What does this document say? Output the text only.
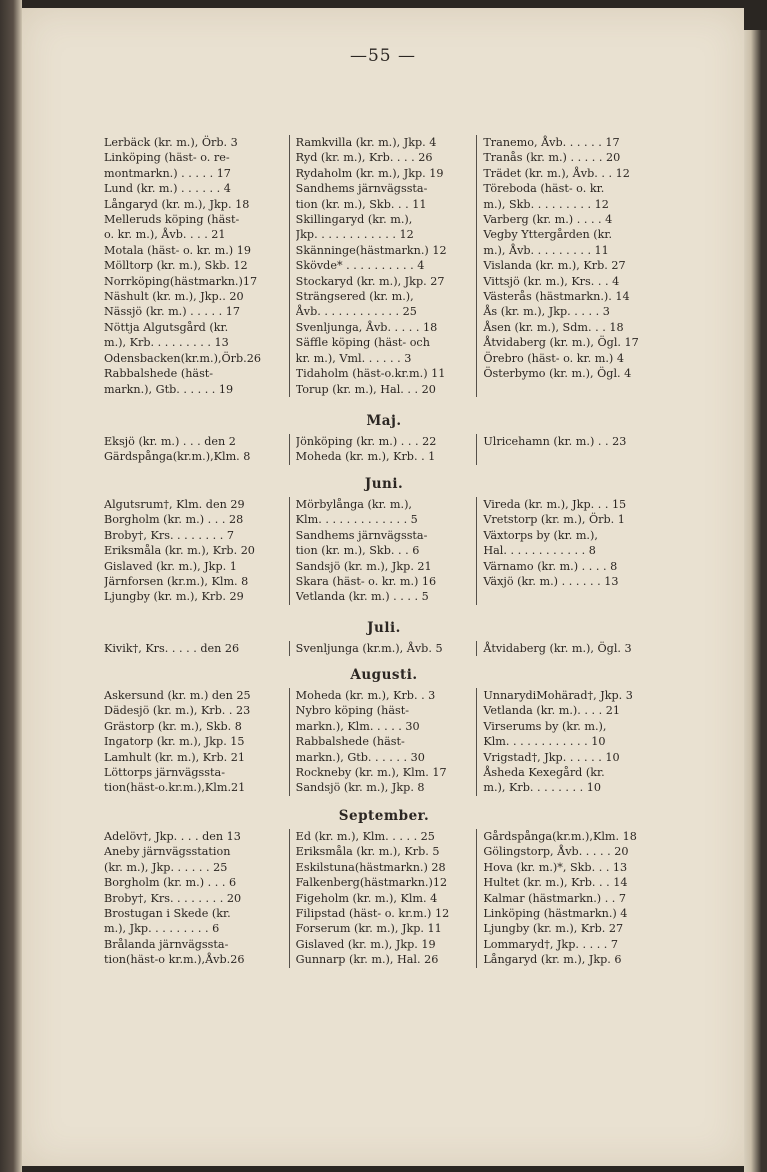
—55 —
Lerbäck (kr. m.), Örb. 3
Linköping (häst- o. re-
montmarkn.) . . . . . 17
Lund (kr. m.) . . . . . . 4
Långaryd (kr. m.), Jkp. 18
Melleruds köping (häst-
o. kr. m.), Åvb. . . . 21
Motala (häst- o. kr. m.) 19
Mölltorp (kr. m.), Skb. 12
Norrköping(hästmarkn.)17
Näshult (kr. m.), Jkp.. 20
Nässjö (kr. m.) . . . . . 17
Nöttja Algutsgård (kr.
m.), Krb. . . . . . . . . 13
Odensbacken(kr.m.),Örb.26
Rabbalshede (häst-
markn.), Gtb. . . . . . 19
Ramkvilla (kr. m.), Jkp. 4
Ryd (kr. m.), Krb. . . . 26
Rydaholm (kr. m.), Jkp. 19
Sandhems järnvägssta-
tion (kr. m.), Skb. . . 11
Skillingaryd (kr. m.),
Jkp. . . . . . . . . . . . 12
Skänninge(hästmarkn.) 12
Skövde* . . . . . . . . . . 4
Stockaryd (kr. m.), Jkp. 27
Strängsered (kr. m.),
Åvb. . . . . . . . . . . . 25
Svenljunga, Åvb. . . . . 18
Säffle köping (häst- och
kr. m.), Vml. . . . . . 3
Tidaholm (häst-o.kr.m.) 11
Torup (kr. m.), Hal. . . 20
Tranemo, Åvb. . . . . . 17
Tranås (kr. m.) . . . . . 20
Trädet (kr. m.), Åvb. . . 12
Töreboda (häst- o. kr.
m.), Skb. . . . . . . . . 12
Varberg (kr. m.) . . . . 4
Vegby Yttergården (kr.
m.), Åvb. . . . . . . . . 11
Vislanda (kr. m.), Krb. 27
Vittsjö (kr. m.), Krs. . . 4
Västerås (hästmarkn.). 14
Ås (kr. m.), Jkp. . . . . 3
Åsen (kr. m.), Sdm. . . 18
Åtvidaberg (kr. m.), Ögl. 17
Örebro (häst- o. kr. m.) 4
Österbymo (kr. m.), Ögl. 4
Maj.
Eksjö (kr. m.) . . . den 2
Gärdspånga(kr.m.),Klm. 8
Jönköping (kr. m.) . . . 22
Moheda (kr. m.), Krb. . 1
Ulricehamn (kr. m.) . . 23
Juni.
Algutsrum†, Klm. den 29
Borgholm (kr. m.) . . . 28
Broby†, Krs. . . . . . . . 7
Eriksmåla (kr. m.), Krb. 20
Gislaved (kr. m.), Jkp. 1
Järnforsen (kr.m.), Klm. 8
Ljungby (kr. m.), Krb. 29
Mörbylånga (kr. m.),
Klm. . . . . . . . . . . . . 5
Sandhems järnvägssta-
tion (kr. m.), Skb. . . 6
Sandsjö (kr. m.), Jkp. 21
Skara (häst- o. kr. m.) 16
Vetlanda (kr. m.) . . . . 5
Vireda (kr. m.), Jkp. . . 15
Vretstorp (kr. m.), Örb. 1
Växtorps by (kr. m.),
Hal. . . . . . . . . . . . 8
Värnamo (kr. m.) . . . . 8
Växjö (kr. m.) . . . . . . 13
Juli.
Kivik†, Krs. . . . . den 26	Svenljunga (kr.m.), Åvb. 5	Åtvidaberg (kr. m.), Ögl. 3
Augusti.
Askersund (kr. m.) den 25
Dädesjö (kr. m.), Krb. . 23
Grästorp (kr. m.), Skb. 8
Ingatorp (kr. m.), Jkp. 15
Lamhult (kr. m.), Krb. 21
Löttorps järnvägssta-
tion(häst-o.kr.m.),Klm.21
Moheda (kr. m.), Krb. . 3
Nybro köping (häst-
markn.), Klm. . . . . 30
Rabbalshede (häst-
markn.), Gtb. . . . . . 30
Rockneby (kr. m.), Klm. 17
Sandsjö (kr. m.), Jkp. 8
UnnarydiMohärad†, Jkp. 3
Vetlanda (kr. m.). . . . 21
Virserums by (kr. m.),
Klm. . . . . . . . . . . . 10
Vrigstad†, Jkp. . . . . . 10
Åsheda Kexegård (kr.
m.), Krb. . . . . . . . 10
September.
Adelöv†, Jkp. . . . den 13
Aneby järnvägsstation
(kr. m.), Jkp. . . . . . 25
Borgholm (kr. m.) . . . 6
Broby†, Krs. . . . . . . . 20
Brostugan i Skede (kr.
m.), Jkp. . . . . . . . . 6
Brålanda järnvägssta-
tion(häst-o kr.m.),Åvb.26
Ed (kr. m.), Klm. . . . . 25
Eriksmåla (kr. m.), Krb. 5
Eskilstuna(hästmarkn.) 28
Falkenberg(hästmarkn.)12
Figeholm (kr. m.), Klm. 4
Filipstad (häst- o. kr.m.) 12
Forserum (kr. m.), Jkp. 11
Gislaved (kr. m.), Jkp. 19
Gunnarp (kr. m.), Hal. 26
Gårdspånga(kr.m.),Klm. 18
Gölingstorp, Åvb. . . . . 20
Hova (kr. m.)*, Skb. . . 13
Hultet (kr. m.), Krb. . . 14
Kalmar (hästmarkn.) . . 7
Linköping (hästmarkn.) 4
Ljungby (kr. m.), Krb. 27
Lommaryd†, Jkp. . . . . 7
Långaryd (kr. m.), Jkp. 6
